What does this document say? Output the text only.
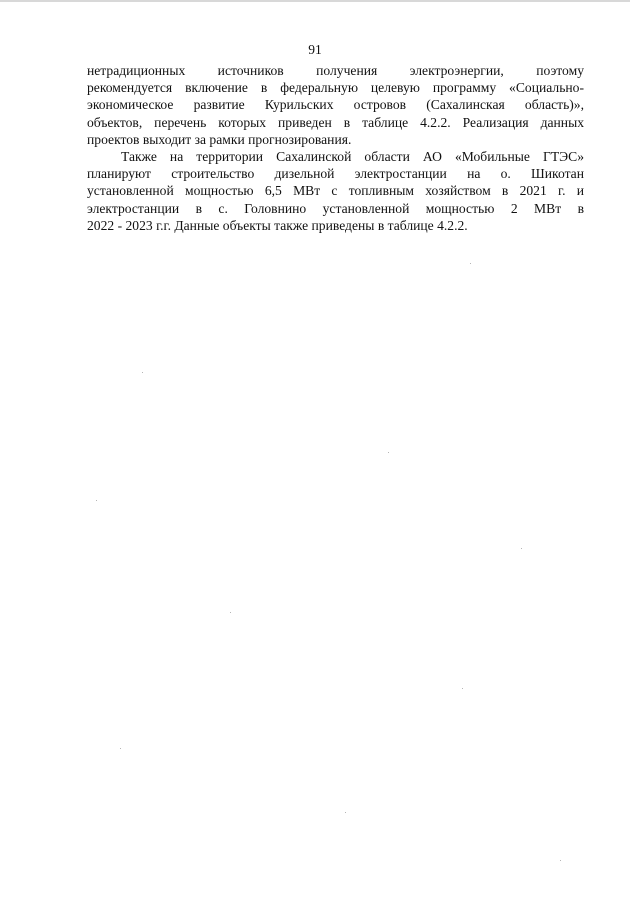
91

нетрадиционных источников получения электроэнергии, поэтому
рекомендуется включение в федеральную целевую программу «Социально-
экономическое развитие Курильских островов (Сахалинская область)»,
объектов, перечень которых приведен в таблице 4.2.2. Реализация данных
проектов выходит за рамки прогнозирования.

Также на территории Сахалинской области АО «Мобильные ГТЭС»
планируют строительство дизельной электростанции на о. Шикотан
установленной мощностью 6,5 МВт с топливным хозяйством в 2021 г. и
электростанции в с. Головнино установленной мощностью 2 МВт в
2022 - 2023 г.г. Данные объекты также приведены в таблице 4.2.2.
